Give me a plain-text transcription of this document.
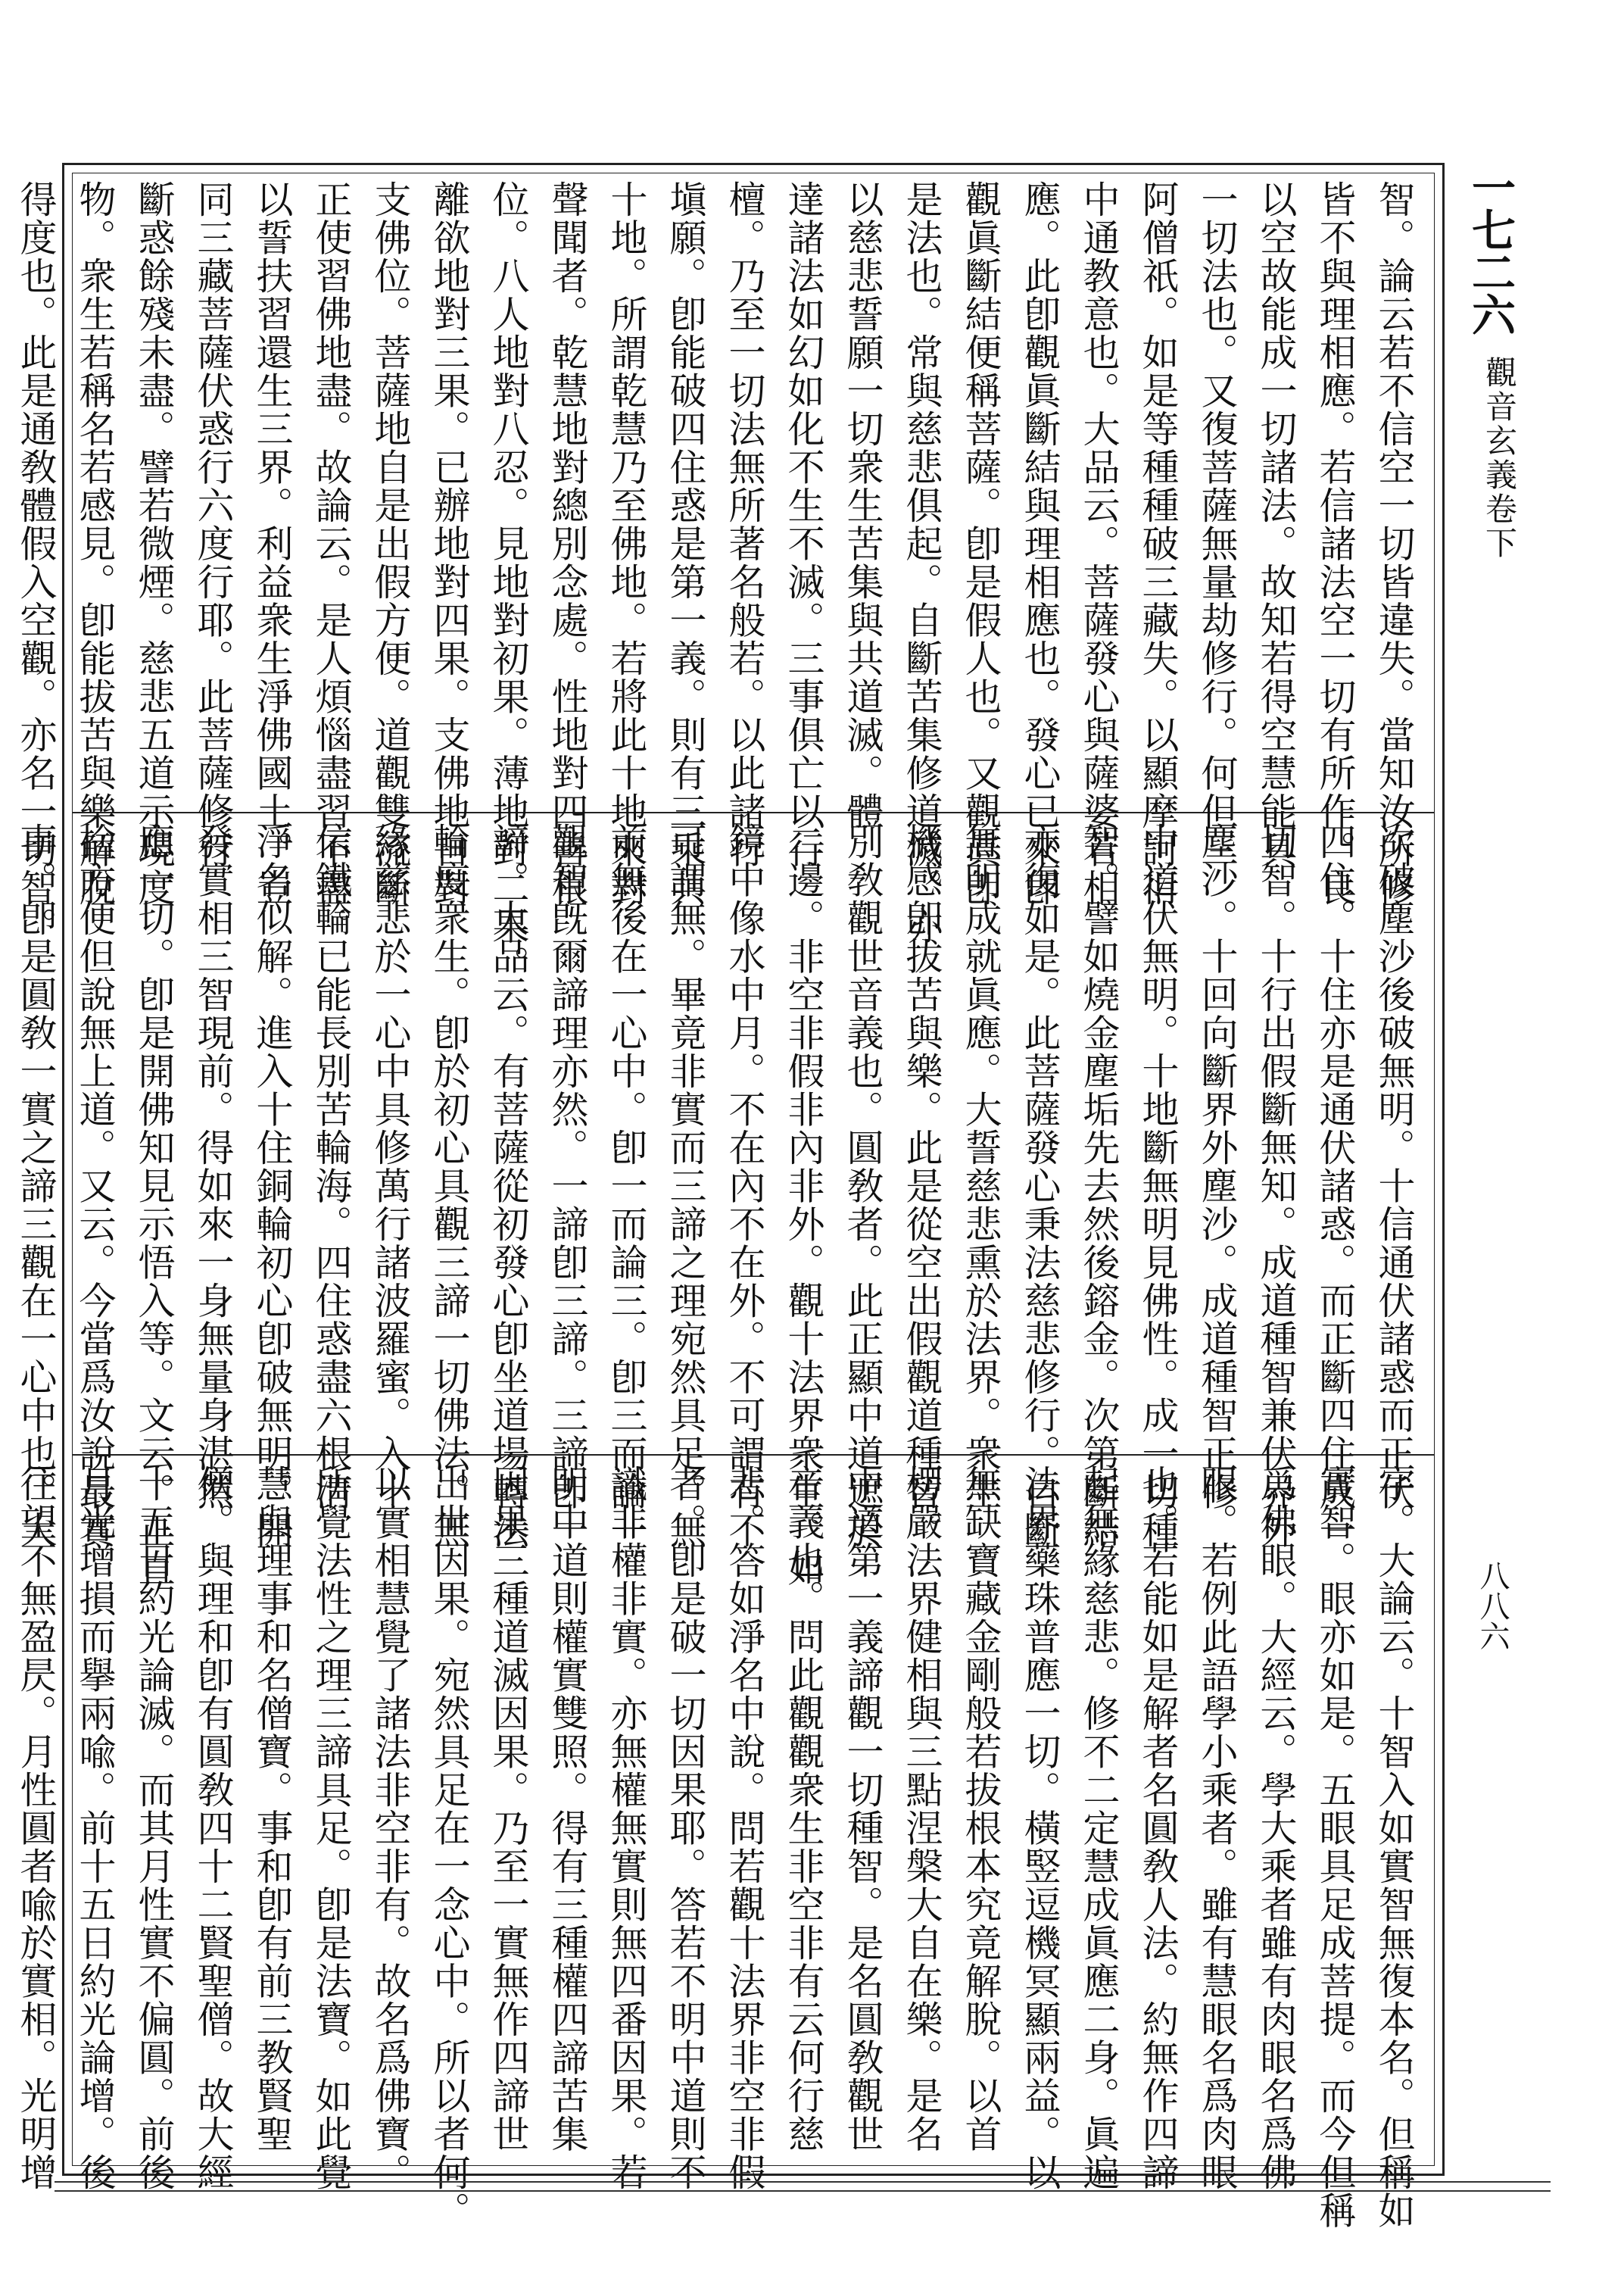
一七二六
觀音玄義卷下
八八六

智。論云若不信空一切皆違失。當知汝所修
皆不與理相應。若信諸法空一切有所作。良
以空故能成一切諸法。故知若得空慧能具
一切法也。又復菩薩無量劫修行。何但三
阿僧祇。如是等種種破三藏失。以顯摩訶衍
中通教意也。大品云。菩薩發心與薩婆若相
應。此卽觀眞斷結與理相應也。發心已來卽
觀眞斷結便稱菩薩。卽是假人也。又觀眞卽
是法也。常與慈悲俱起。自斷苦集修道滅。亦
以慈悲誓願一切衆生苦集與共道滅。體
達諸法如幻如化不生不滅。三事俱亡以行
檀。乃至一切法無所著名般若。以此諸行
塡願。卽能破四住惑是第一義。則有三乘共
十地。所謂乾慧乃至佛地。若將此十地來對
聲聞者。乾慧地對總別念處。性地對四善根
位。八人地對八忍。見地對初果。薄地對二果。
離欲地對三果。已辦地對四果。支佛地自對
支佛位。菩薩地自是出假方便。道觀雙流斷
正使習佛地盡。故論云。是人煩惱盡習不盡。
以誓扶習還生三界。利益衆生淨佛國土。豈
同三藏菩薩伏惑行六度行耶。此菩薩修行
斷惑餘殘未盡。譬若微煙。慈悲五道示現度
物。衆生若稱名若感見。卽能拔苦與樂解脫
得度也。此是通敎體假入空觀。亦名一切智。

次破塵沙後破無明。十信通伏諸惑而正伏
四住。十住亦是通伏諸惑。而正斷四住成一
切智。十行出假斷無知。成道種智兼伏界外
塵沙。十回向斷界外塵沙。成道種智正修
中道伏無明。十地斷無明見佛性。成一切種
智。譬如燒金塵垢先去然後鎔金。次第斷結
亦復如是。此菩薩發心秉法慈悲修行。自斷
無明成就眞應。大誓慈悲熏於法界。衆生
機感卽拔苦與樂。此是從空出假觀道種智。
別敎觀世音義也。圓敎者。此正顯中道遮於
二邊。非空非假非內非外。觀十法界衆生。如
鏡中像水中月。不在內不在外。不可謂有不
可謂無。畢竟非實而三諦之理宛然具足。無
前無後在一心中。卽一而論三。卽三而論一。
觀智旣爾諦理亦然。一諦卽三諦。三諦卽一
諦。大品云。有菩薩從初發心卽坐道場轉法
輪度衆生。卽於初心具觀三諦一切佛法。無
緣慈悲於一心中具修萬行諸波羅蜜。入十
信鐵輪已能長別苦輪海。四住惑盡六根淸
淨名似解。進入十住銅輪初心卽破無明。開
發實相三智現前。得如來一身無量身湛然
應一切。卽是開佛知見示悟入等。文云。正直
捨方便但說無上道。又云。今當爲汝說最實
事。卽是圓敎一實之諦三觀在一心中也。大

字。大論云。十智入如實智無復本名。但稱如
實智。眼亦如是。五眼具足成菩提。而今但稱
爲佛眼。大經云。學大乘者雖有肉眼名爲佛
眼。若例此語學小乘者。雖有慧眼名爲肉眼
也。若能如是解者名圓敎人法。約無作四諦
起無緣慈悲。修不二定慧成眞應二身。眞遍
法界藥珠普應一切。橫竪逗機冥顯兩益。以
無缺寶藏金剛般若拔根本究竟解脫。以首
楞嚴法界健相與三點涅槃大自在樂。是名
中道第一義諦觀一切種智。是名圓敎觀世
音義也。問此觀觀衆生非空非有云何行慈
悲。答如淨名中說。問若觀十法界非空非假
者。卽是破一切因果耶。答若不明中道則不
識非權非實。亦無權無實則無四番因果。若
明中道則權實雙照。得有三種權四諦苦集
因果三種道滅因果。乃至一實無作四諦世
出世因果。宛然具足在一念心中。所以者何。
以實相慧覺了諸法非空非有。故名爲佛寶。
所覺法性之理三諦具足。卽是法寶。如此覺
慧與理事和名僧寶。事和卽有前三教賢聖
僧。與理和卽有圓敎四十二賢聖僧。故大經
十五日約光論滅。而其月性實不偏圓。前後
月光增損而擧兩喩。前十五日約光論增。後
往望不無盈昃。月性圓者喩於實相。光明增
